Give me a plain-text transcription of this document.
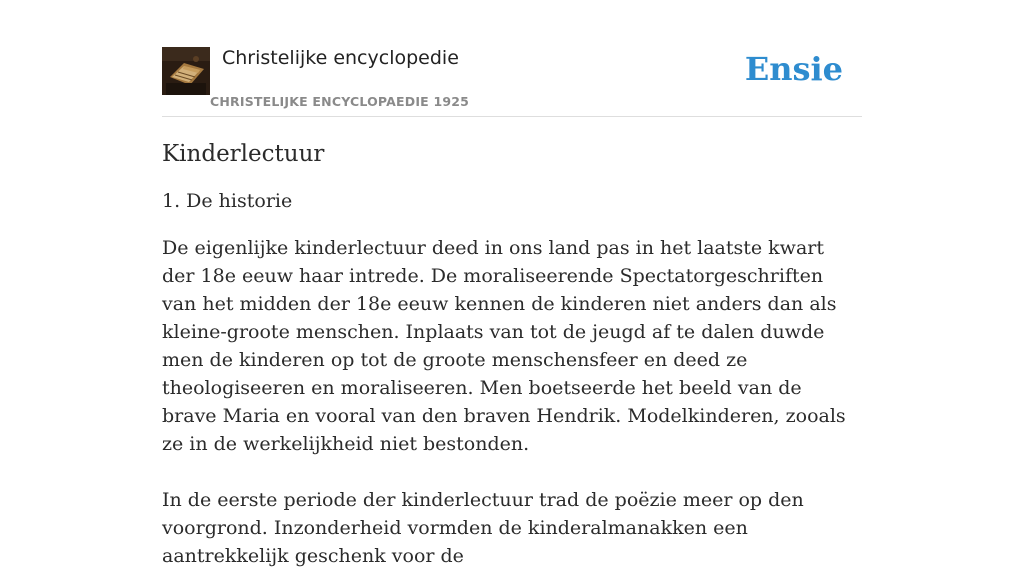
Christelijke encyclopedie
CHRISTELIJKE ENCYCLOPAEDIE 1925
Ensie
Kinderlectuur
1. De historie

De eigenlijke kinderlectuur deed in ons land pas in het laatste kwart der 18e eeuw haar intrede. De moraliseerende Spectatorgeschriften van het midden der 18e eeuw kennen de kinderen niet anders dan als kleine-groote menschen. Inplaats van tot de jeugd af te dalen duwde men de kinderen op tot de groote menschensfeer en deed ze theologiseeren en moraliseeren. Men boetseerde het beeld van de brave Maria en vooral van den braven Hendrik. Modelkinderen, zooals ze in de werkelijkheid niet bestonden.

In de eerste periode der kinderlectuur trad de poëzie meer op den voorgrond. Inzonderheid vormden de kinderalmanakken een aantrekkelijk geschenk voor de
